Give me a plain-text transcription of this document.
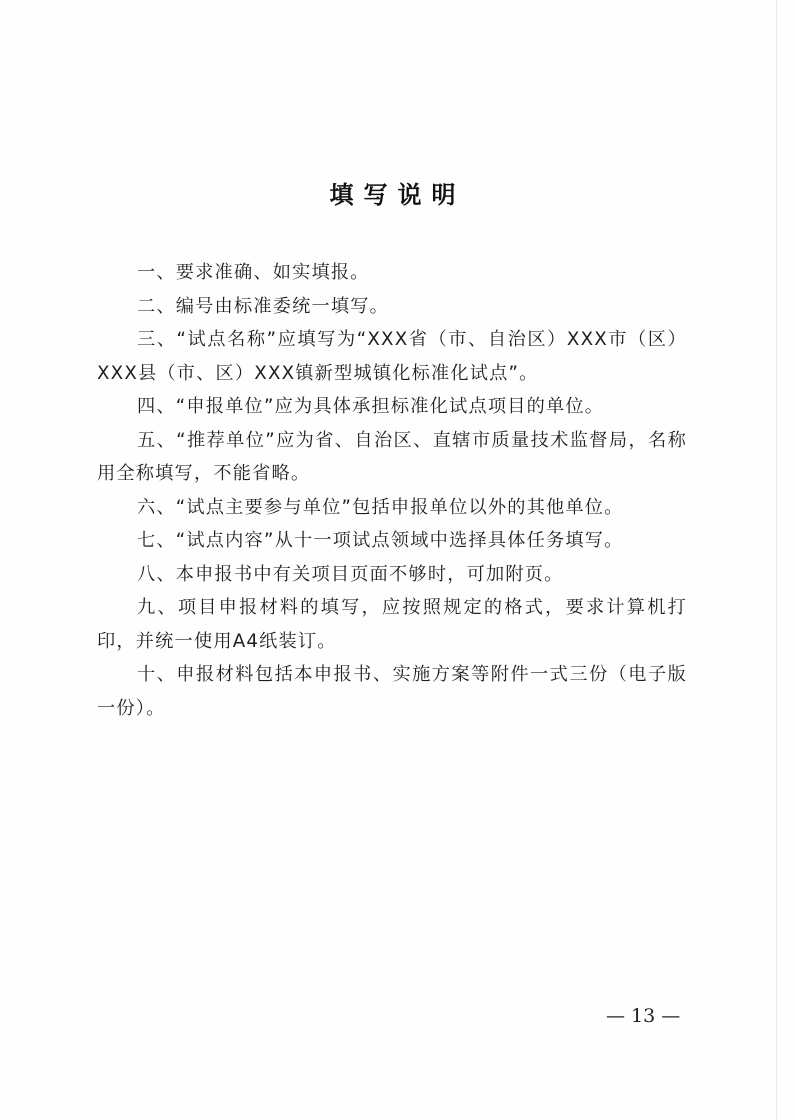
填写说明

一、要求准确、如实填报。

二、编号由标准委统一填写。

三、“试点名称”应填写为“XXX省（市、自治区）XXX市（区）XXX县（市、区）XXX镇新型城镇化标准化试点”。

四、“申报单位”应为具体承担标准化试点项目的单位。

五、“推荐单位”应为省、自治区、直辖市质量技术监督局，名称用全称填写，不能省略。

六、“试点主要参与单位”包括申报单位以外的其他单位。

七、“试点内容”从十一项试点领域中选择具体任务填写。

八、本申报书中有关项目页面不够时，可加附页。

九、项目申报材料的填写，应按照规定的格式，要求计算机打印，并统一使用A4纸装订。

十、申报材料包括本申报书、实施方案等附件一式三份（电子版一份）。

— 13 —
